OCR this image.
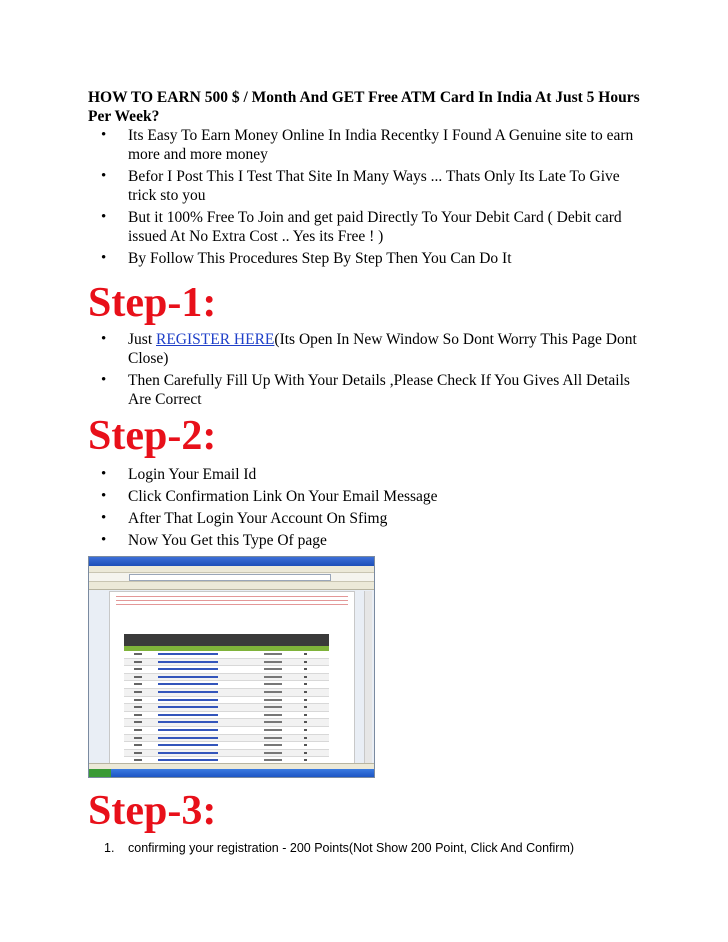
HOW TO EARN 500 $ / Month And GET Free ATM Card In India At Just 5 Hours Per Week?
• Its Easy To Earn Money Online In India Recentky I Found A Genuine site to earn more and more money
• Befor I Post This I Test That Site In Many Ways ... Thats Only Its Late To Give trick sto you
• But it 100% Free To Join and get paid Directly To Your Debit Card ( Debit card issued At No Extra Cost .. Yes its Free ! )
• By Follow This Procedures Step By Step Then You Can Do It
Step-1:
• Just REGISTER HERE(Its Open In New Window So Dont Worry This Page Dont Close)
• Then Carefully Fill Up With Your Details ,Please Check If You Gives All Details Are Correct
Step-2:
• Login Your Email Id
• Click Confirmation Link On Your Email Message
• After That Login Your Account On Sfimg
• Now You Get this Type Of page
Step-3:
1. confirming your registration - 200 Points(Not Show 200 Point, Click And Confirm)
